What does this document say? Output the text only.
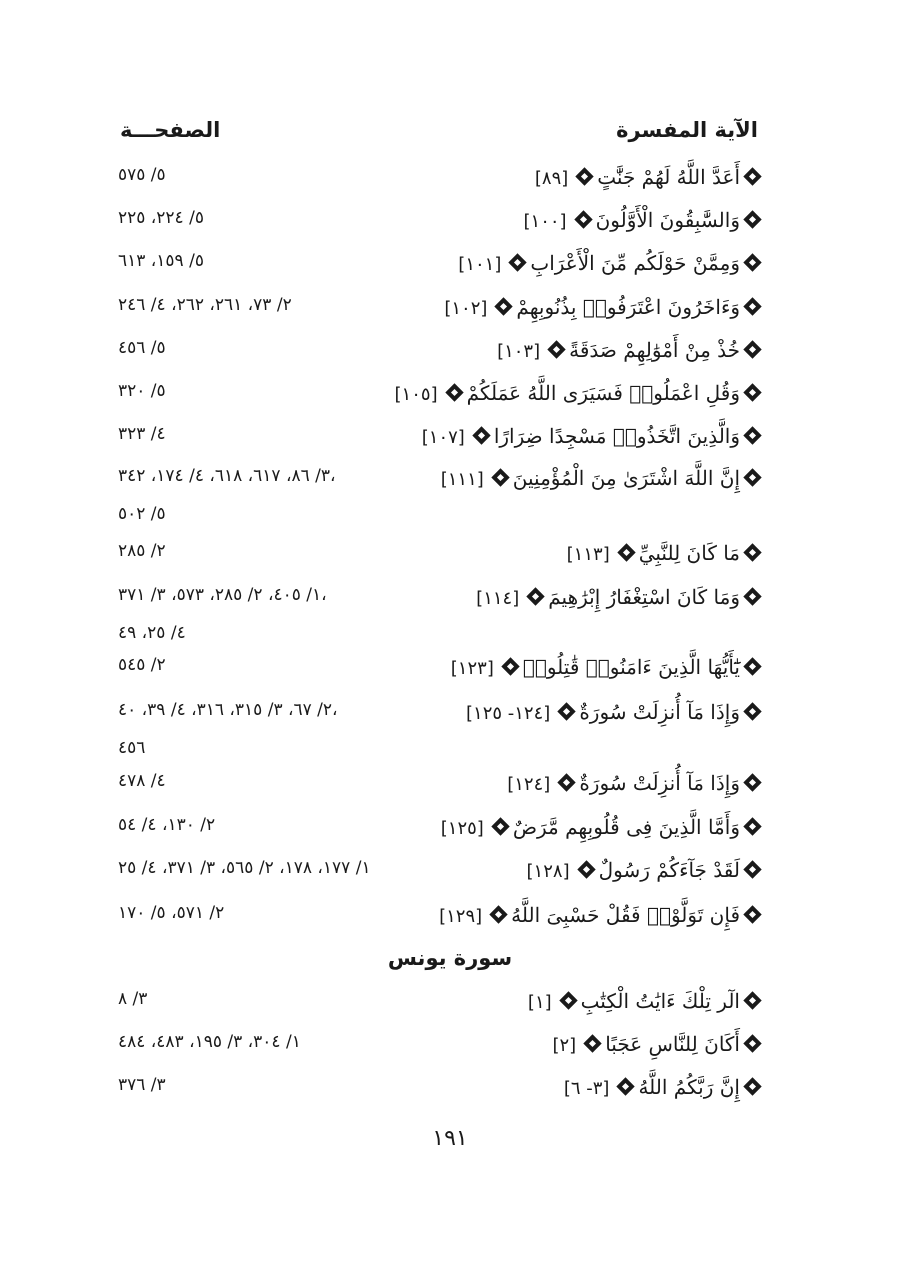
الآية المفسرة
الصفحـــة
أَعَدَّ اللَّهُ لَهُمْ جَنَّٰتٍ[٨٩]
٥/ ٥٧٥
وَالسَّٰبِقُونَ الْأَوَّلُونَ[١٠٠]
٥/ ٢٢٤، ٢٢٥
وَمِمَّنْ حَوْلَكُم مِّنَ الْأَعْرَابِ[١٠١]
٥/ ١٥٩، ٦١٣
وَءَاخَرُونَ اعْتَرَفُوا۟ بِذُنُوبِهِمْ[١٠٢]
٢/ ٧٣، ٢٦١، ٢٦٢، ٤/ ٢٤٦
خُذْ مِنْ أَمْوَٰلِهِمْ صَدَقَةً[١٠٣]
٥/ ٤٥٦
وَقُلِ اعْمَلُوا۟ فَسَيَرَى اللَّهُ عَمَلَكُمْ[١٠٥]
٥/ ٣٢٠
وَالَّذِينَ اتَّخَذُوا۟ مَسْجِدًا ضِرَارًا[١٠٧]
٤/ ٣٢٣
إِنَّ اللَّهَ اشْتَرَىٰ مِنَ الْمُؤْمِنِينَ[١١١]
٣/ ٨٦، ٦١٧، ٦١٨، ٤/ ١٧٤، ٣٤٢،
٥/ ٥٠٢
مَا كَانَ لِلنَّبِيِّ[١١٣]
٢/ ٢٨٥
وَمَا كَانَ اسْتِغْفَارُ إِبْرَٰهِيمَ[١١٤]
١/ ٤٠٥، ٢/ ٢٨٥، ٥٧٣، ٣/ ٣٧١،
٤/ ٢٥، ٤٩
يَٰٓأَيُّهَا الَّذِينَ ءَامَنُوا۟ قَٰتِلُوا۟[١٢٣]
٢/ ٥٤٥
وَإِذَا مَآ أُنزِلَتْ سُورَةٌ[١٢٤- ١٢٥]
٢/ ٦٧، ٣/ ٣١٥، ٣١٦، ٤/ ٣٩، ٤٠،
٤٥٦
وَإِذَا مَآ أُنزِلَتْ سُورَةٌ[١٢٤]
٤/ ٤٧٨
وَأَمَّا الَّذِينَ فِى قُلُوبِهِم مَّرَضٌ[١٢٥]
٢/ ١٣٠، ٤/ ٥٤
لَقَدْ جَآءَكُمْ رَسُولٌ[١٢٨]
١/ ١٧٧، ١٧٨، ٢/ ٥٦٥، ٣/ ٣٧١، ٤/ ٢٥
فَإِن تَوَلَّوْا۟ فَقُلْ حَسْبِىَ اللَّهُ[١٢٩]
٢/ ٥٧١، ٥/ ١٧٠
سورة يونس
الٓر تِلْكَ ءَايَٰتُ الْكِتَٰبِ[١]
٣/ ٨
أَكَانَ لِلنَّاسِ عَجَبًا[٢]
١/ ٣٠٤، ٣/ ١٩٥، ٤٨٣، ٤٨٤
إِنَّ رَبَّكُمُ اللَّهُ[٣- ٦]
٣/ ٣٧٦
١٩١
